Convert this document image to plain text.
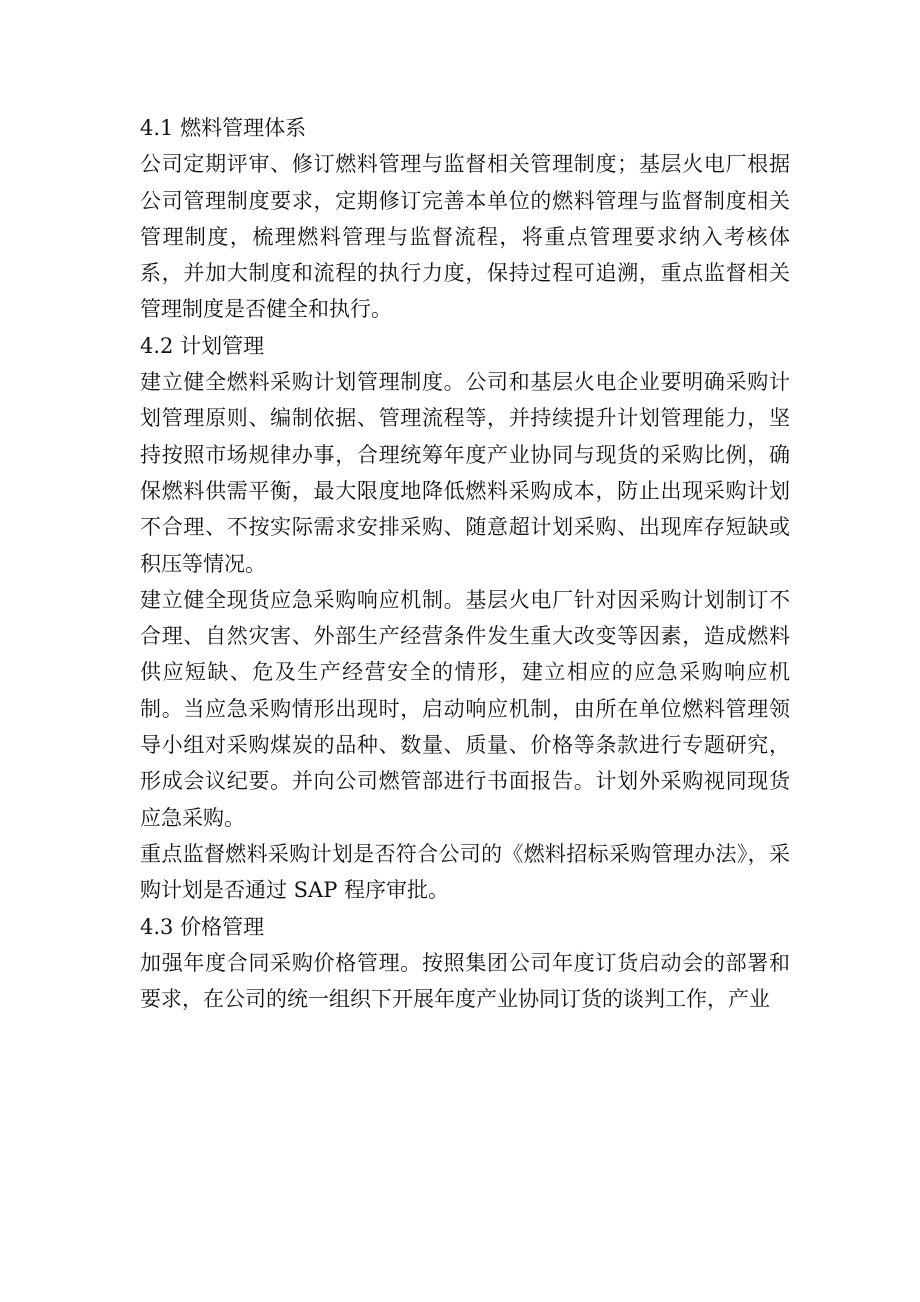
4.1 燃料管理体系

公司定期评审、修订燃料管理与监督相关管理制度；基层火电厂根据公司管理制度要求，定期修订完善本单位的燃料管理与监督制度相关管理制度，梳理燃料管理与监督流程，将重点管理要求纳入考核体系，并加大制度和流程的执行力度，保持过程可追溯，重点监督相关管理制度是否健全和执行。

4.2 计划管理

建立健全燃料采购计划管理制度。公司和基层火电企业要明确采购计划管理原则、编制依据、管理流程等，并持续提升计划管理能力，坚持按照市场规律办事，合理统筹年度产业协同与现货的采购比例，确保燃料供需平衡，最大限度地降低燃料采购成本，防止出现采购计划不合理、不按实际需求安排采购、随意超计划采购、出现库存短缺或积压等情况。

建立健全现货应急采购响应机制。基层火电厂针对因采购计划制订不合理、自然灾害、外部生产经营条件发生重大改变等因素，造成燃料供应短缺、危及生产经营安全的情形，建立相应的应急采购响应机制。当应急采购情形出现时，启动响应机制，由所在单位燃料管理领导小组对采购煤炭的品种、数量、质量、价格等条款进行专题研究，形成会议纪要。并向公司燃管部进行书面报告。计划外采购视同现货应急采购。

重点监督燃料采购计划是否符合公司的《燃料招标采购管理办法》，采购计划是否通过 SAP 程序审批。

4.3 价格管理

加强年度合同采购价格管理。按照集团公司年度订货启动会的部署和要求，在公司的统一组织下开展年度产业协同订货的谈判工作，产业
